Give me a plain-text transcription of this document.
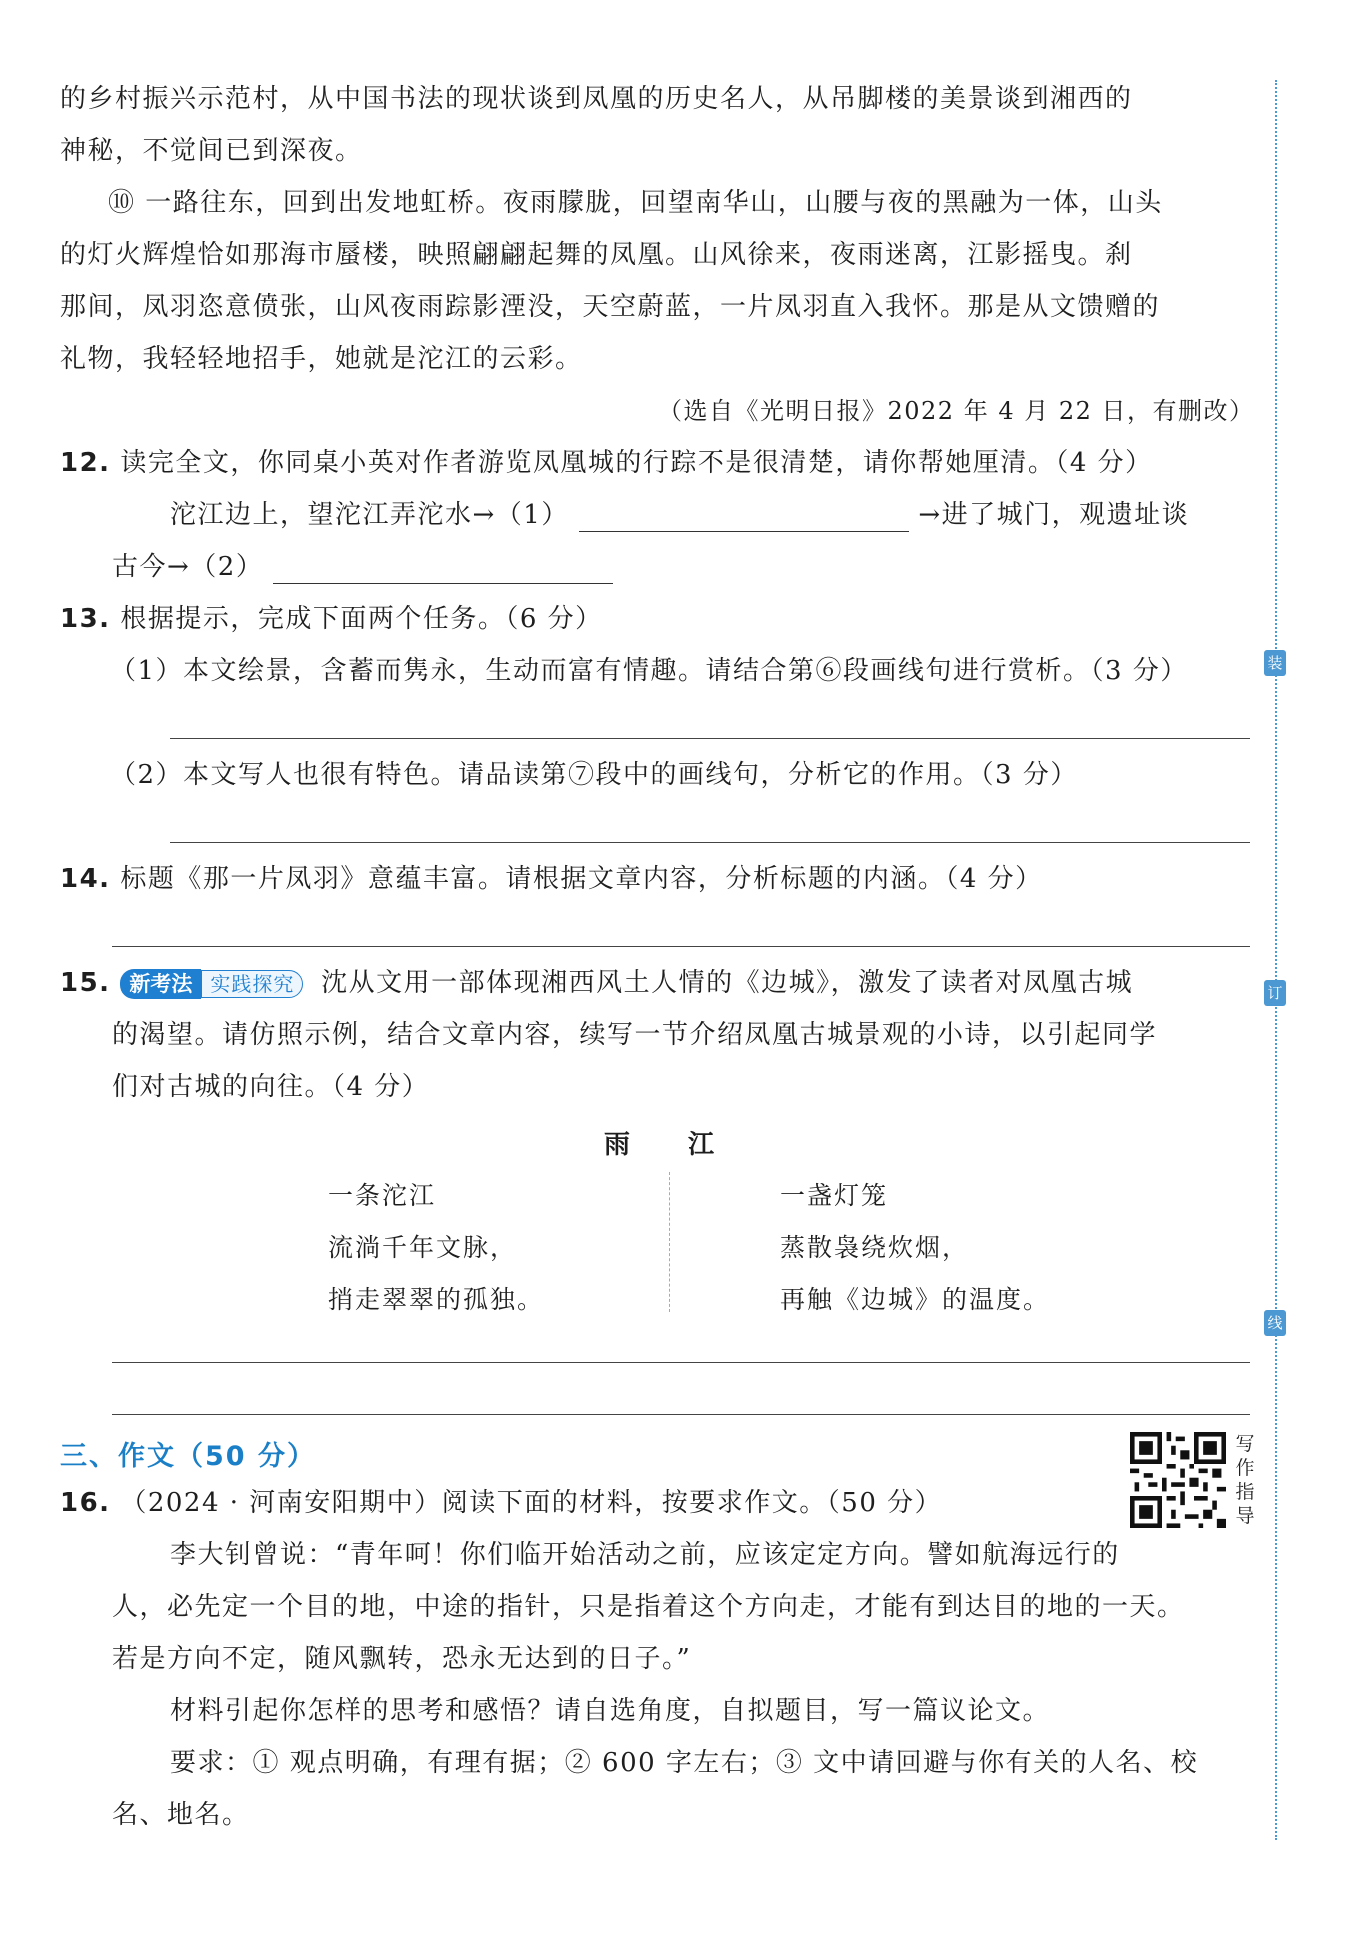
的乡村振兴示范村，从中国书法的现状谈到凤凰的历史名人，从吊脚楼的美景谈到湘西的
神秘，不觉间已到深夜。
⑩ 一路往东，回到出发地虹桥。夜雨朦胧，回望南华山，山腰与夜的黑融为一体，山头
的灯火辉煌恰如那海市蜃楼，映照翩翩起舞的凤凰。山风徐来，夜雨迷离，江影摇曳。刹
那间，凤羽恣意偾张，山风夜雨踪影湮没，天空蔚蓝，一片凤羽直入我怀。那是从文馈赠的
礼物，我轻轻地招手，她就是沱江的云彩。
（选自《光明日报》2022 年 4 月 22 日，有删改）
12. 读完全文，你同桌小英对作者游览凤凰城的行踪不是很清楚，请你帮她厘清。（4 分）
沱江边上，望沱江弄沱水→（1）	→进了城门，观遗址谈
古今→（2）
13. 根据提示，完成下面两个任务。（6 分）
（1）本文绘景，含蓄而隽永，生动而富有情趣。请结合第⑥段画线句进行赏析。（3 分）
（2）本文写人也很有特色。请品读第⑦段中的画线句，分析它的作用。（3 分）
14. 标题《那一片凤羽》意蕴丰富。请根据文章内容，分析标题的内涵。（4 分）
15. 新考法 实践探究	沈从文用一部体现湘西风土人情的《边城》，激发了读者对凤凰古城
的渴望。请仿照示例，结合文章内容，续写一节介绍凤凰古城景观的小诗，以引起同学
们对古城的向往。（4 分）
雨　　江
一条沱江
流淌千年文脉，
捎走翠翠的孤独。
一盏灯笼
蒸散袅绕炊烟，
再触《边城》的温度。
三、作文（50 分）	写
作
指
导
16. （2024 · 河南安阳期中）阅读下面的材料，按要求作文。（50 分）
李大钊曾说：“青年呵！你们临开始活动之前，应该定定方向。譬如航海远行的
人，必先定一个目的地，中途的指针，只是指着这个方向走，才能有到达目的地的一天。
若是方向不定，随风飘转，恐永无达到的日子。”
材料引起你怎样的思考和感悟？请自选角度，自拟题目，写一篇议论文。
要求：① 观点明确，有理有据；② 600 字左右；③ 文中请回避与你有关的人名、校
名、地名。
装
订
线
